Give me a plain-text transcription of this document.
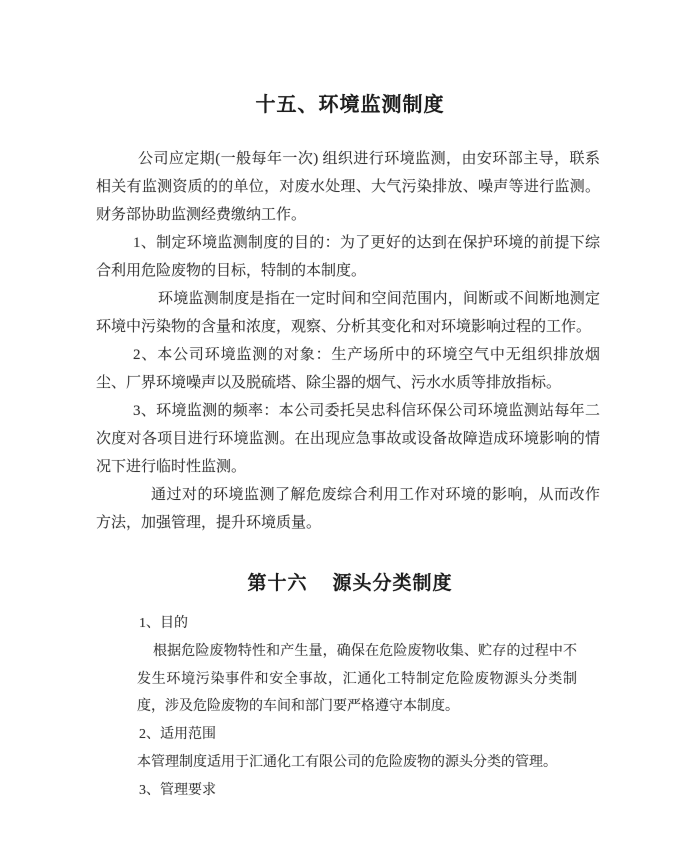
十五、环境监测制度

公司应定期(一般每年一次) 组织进行环境监测，由安环部主导，联系相关有监测资质的的单位，对废水处理、大气污染排放、噪声等进行监测。财务部协助监测经费缴纳工作。

1、制定环境监测制度的目的：为了更好的达到在保护环境的前提下综合利用危险废物的目标，特制的本制度。

环境监测制度是指在一定时间和空间范围内，间断或不间断地测定环境中污染物的含量和浓度，观察、分析其变化和对环境影响过程的工作。

2、本公司环境监测的对象：生产场所中的环境空气中无组织排放烟尘、厂界环境噪声以及脱硫塔、除尘器的烟气、污水水质等排放指标。

3、环境监测的频率：本公司委托吴忠科信环保公司环境监测站每年二次度对各项目进行环境监测。在出现应急事故或设备故障造成环境影响的情况下进行临时性监测。

通过对的环境监测了解危废综合利用工作对环境的影响，从而改作方法，加强管理，提升环境质量。

第十六 源头分类制度

1、目的

根据危险废物特性和产生量，确保在危险废物收集、贮存的过程中不发生环境污染事件和安全事故，汇通化工特制定危险废物源头分类制度，涉及危险废物的车间和部门要严格遵守本制度。

2、适用范围

本管理制度适用于汇通化工有限公司的危险废物的源头分类的管理。

3、管理要求
